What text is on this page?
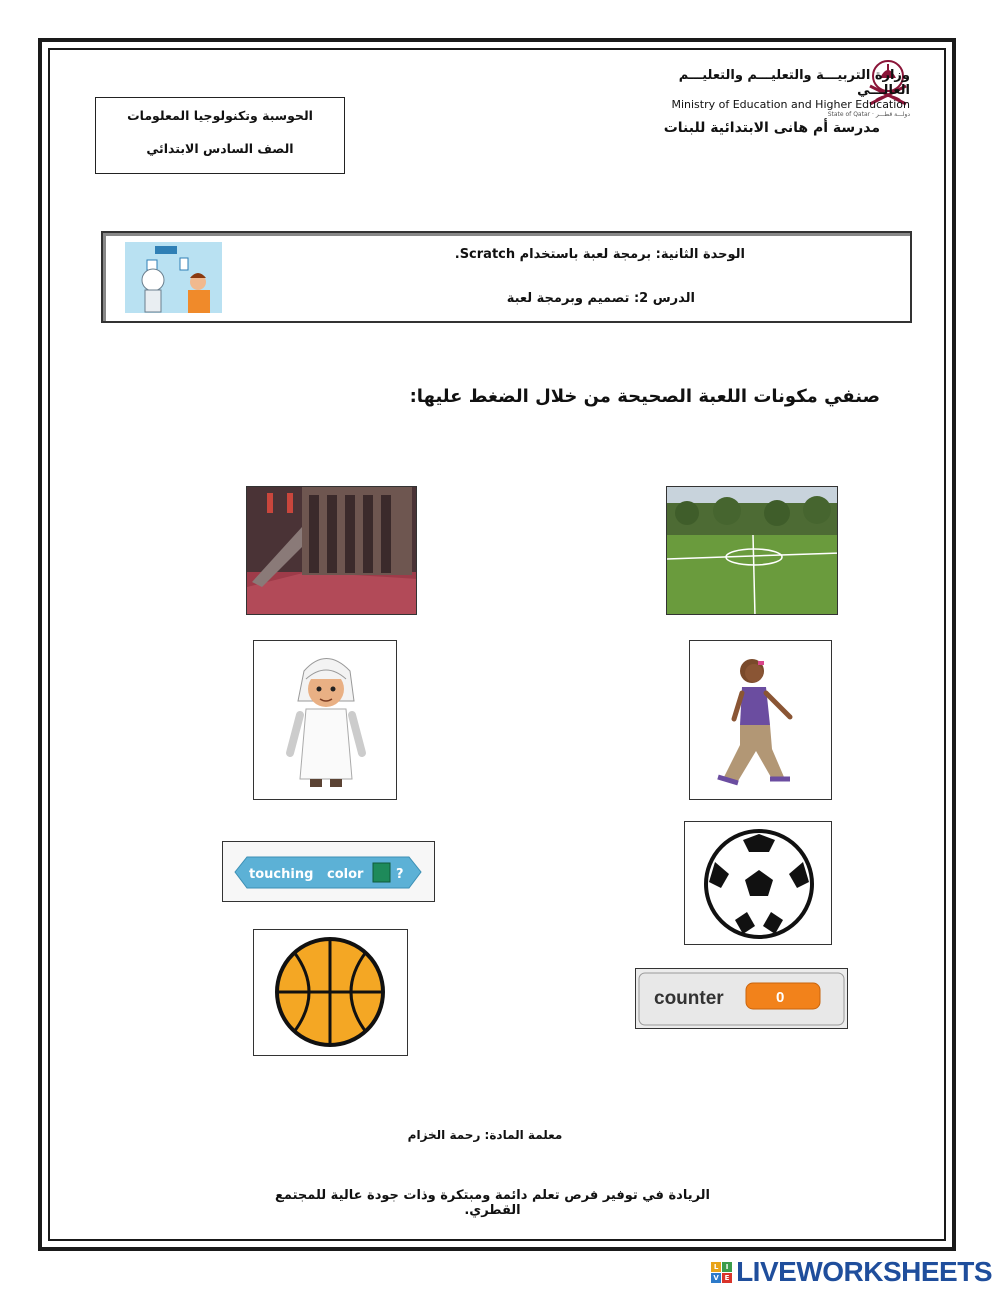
وزارة التربيـــة والتعليـــم والتعليـــم العالـــي
Ministry of Education and Higher Education
State of Qatar · دولـــة قطـــر
مدرسة أم هانى الابتدائية للبنات
الحوسبة وتكنولوجيا المعلومات
الصف السادس الابتدائي
الوحدة الثانية: برمجة لعبة باستخدام Scratch.
الدرس 2: تصميم وبرمجة لعبة
صنفي مكونات اللعبة الصحيحة من خلال الضغط عليها:
touching color	?
counter	0
معلمة المادة: رحمة الخزام
الريادة في توفير فرص تعلم دائمة ومبتكرة وذات جودة عالية للمجتمع القطري.
L	I
V E LIVEWORKSHEETS
